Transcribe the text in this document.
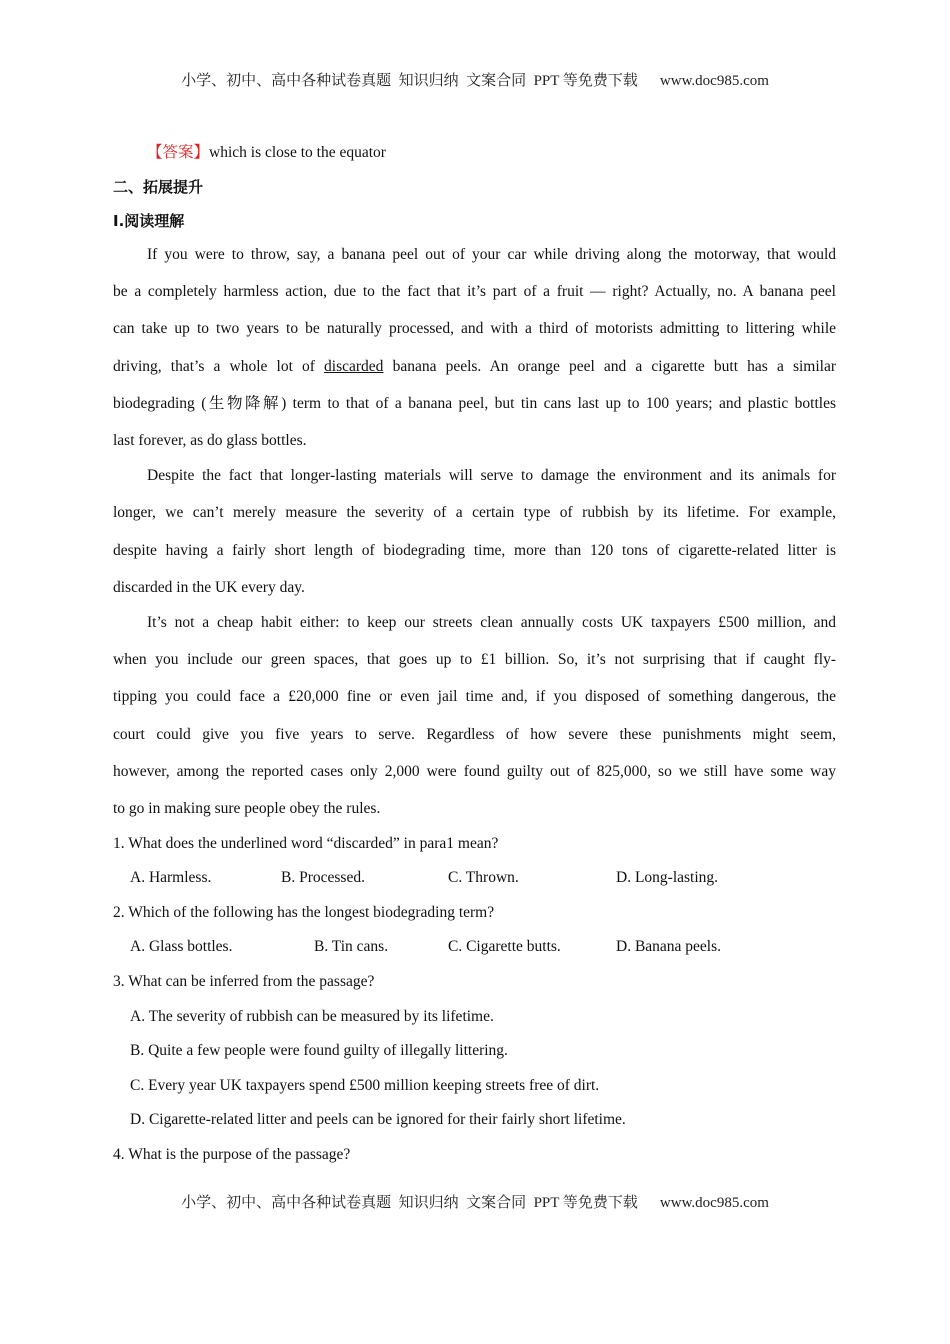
小学、初中、高中各种试卷真题  知识归纳  文案合同  PPT 等免费下载 www.doc985.com
【答案】which is close to the equator
二、拓展提升
I.阅读理解
If you were to throw, say, a banana peel out of your car while driving along the motorway, that would
be a completely harmless action, due to the fact that it’s part of a fruit — right? Actually, no. A banana peel
can take up to two years to be naturally processed, and with a third of motorists admitting to littering while
driving, that’s a whole lot of discarded banana peels. An orange peel and a cigarette butt has a similar
biodegrading (生物降解) term to that of a banana peel, but tin cans last up to 100 years; and plastic bottles
last forever, as do glass bottles.
Despite the fact that longer-lasting materials will serve to damage the environment and its animals for
longer, we can’t merely measure the severity of a certain type of rubbish by its lifetime. For example,
despite having a fairly short length of biodegrading time, more than 120 tons of cigarette-related litter is
discarded in the UK every day.
It’s not a cheap habit either: to keep our streets clean annually costs UK taxpayers £500 million, and
when you include our green spaces, that goes up to £1 billion. So, it’s not surprising that if caught fly-
tipping you could face a £20,000 fine or even jail time and, if you disposed of something dangerous, the
court could give you five years to serve. Regardless of how severe these punishments might seem,
however, among the reported cases only 2,000 were found guilty out of 825,000, so we still have some way
to go in making sure people obey the rules.
1. What does the underlined word “discarded” in para1 mean?
A. Harmless.	B. Processed.	C. Thrown.	D. Long-lasting.
2. Which of the following has the longest biodegrading term?
A. Glass bottles.	B. Tin cans.	C. Cigarette butts.	D. Banana peels.
3. What can be inferred from the passage?
A. The severity of rubbish can be measured by its lifetime.
B. Quite a few people were found guilty of illegally littering.
C. Every year UK taxpayers spend £500 million keeping streets free of dirt.
D. Cigarette-related litter and peels can be ignored for their fairly short lifetime.
4. What is the purpose of the passage?
小学、初中、高中各种试卷真题  知识归纳  文案合同  PPT 等免费下载 www.doc985.com
